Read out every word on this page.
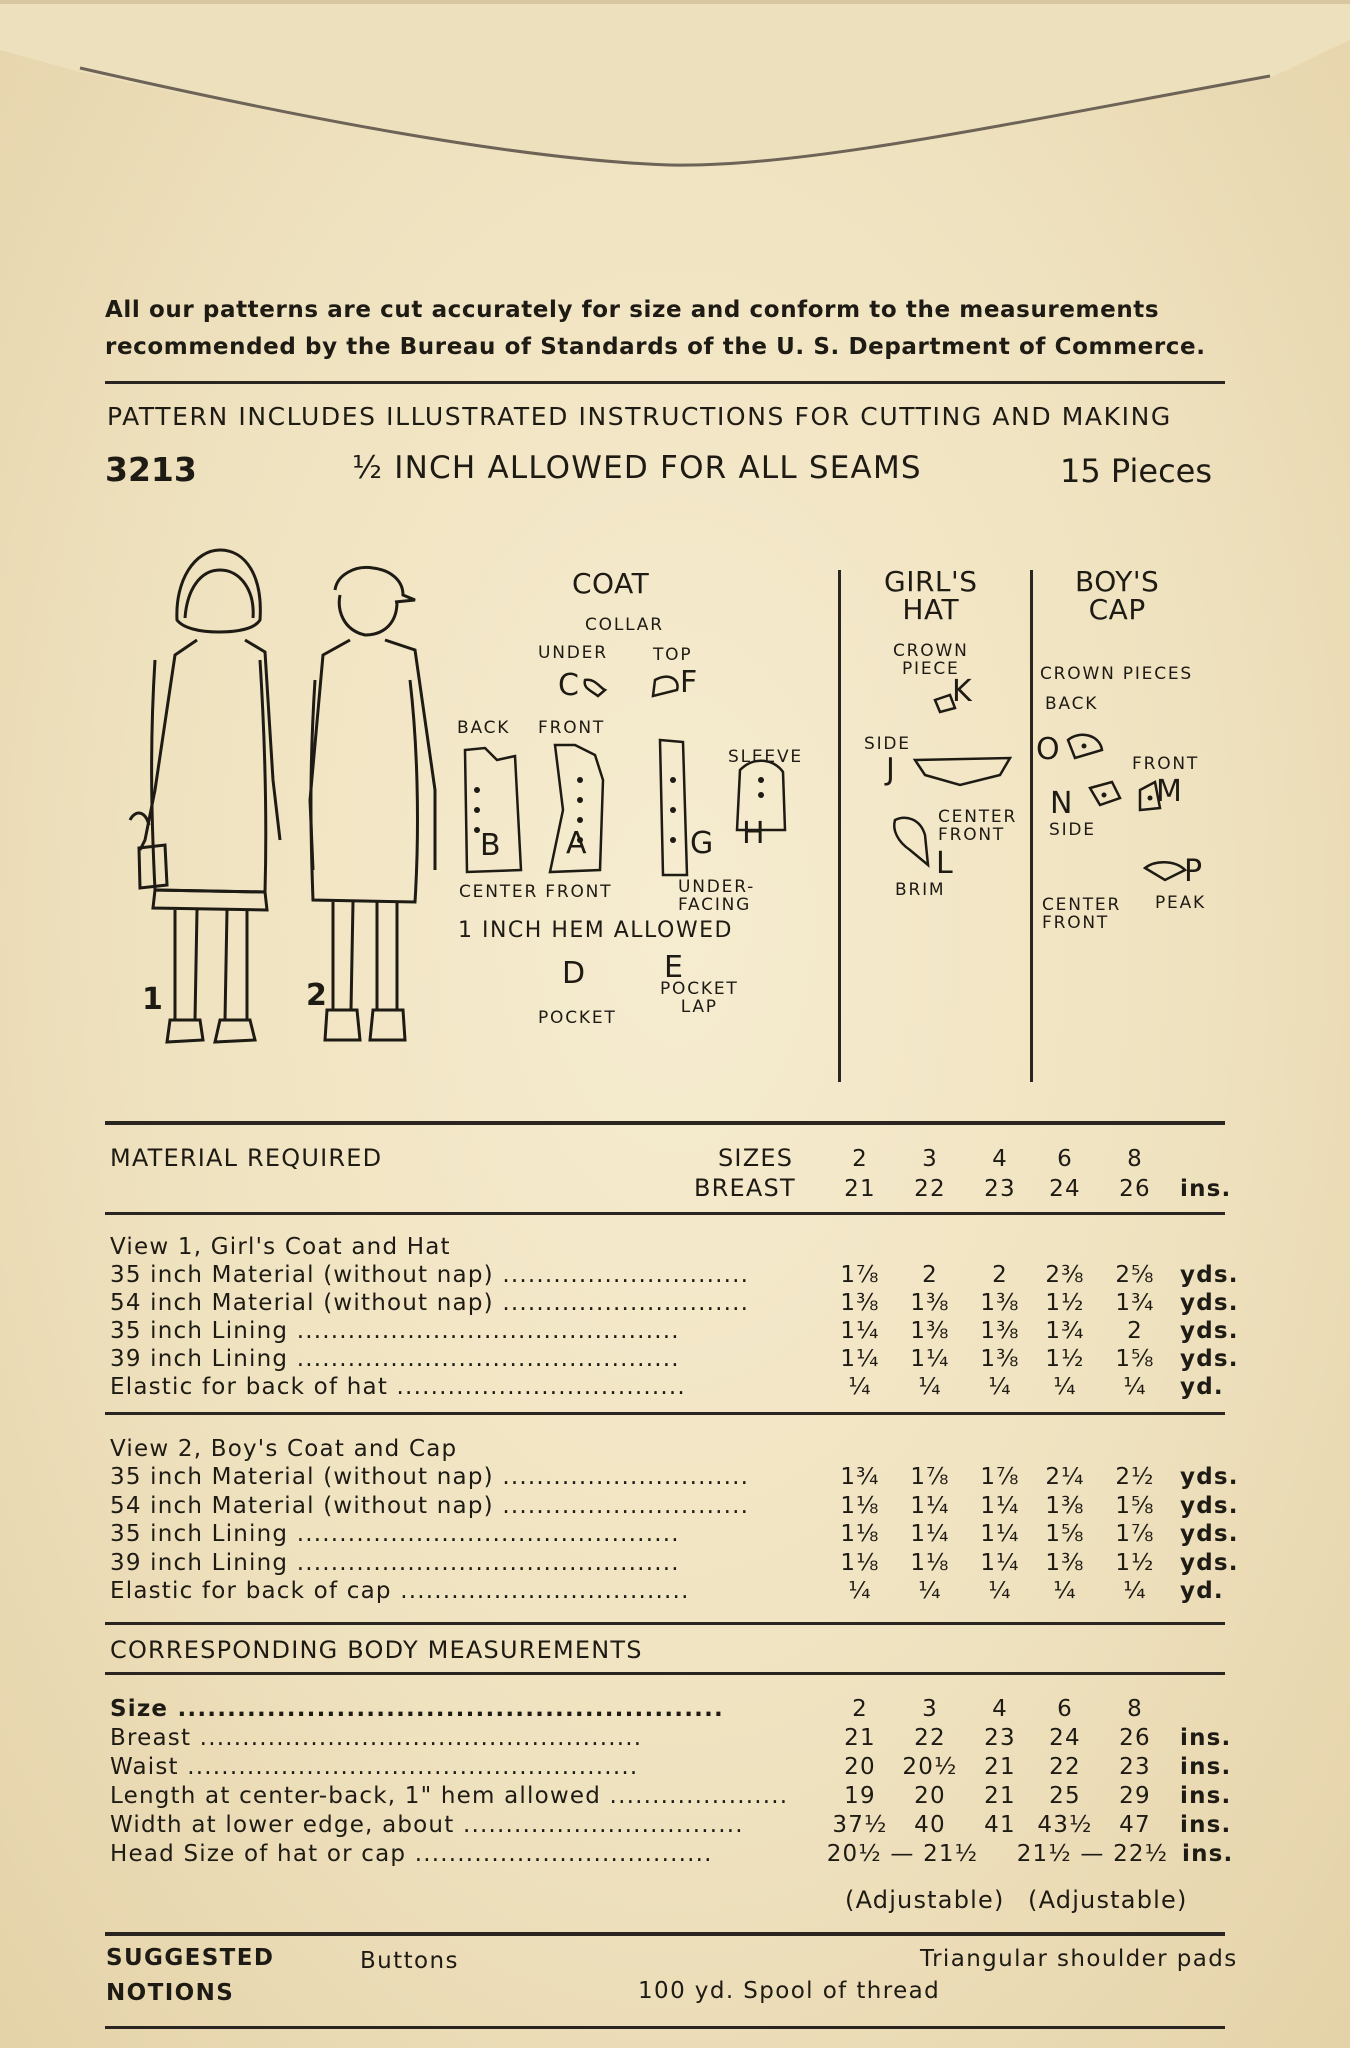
All our patterns are cut accurately for size and conform to the measurements
recommended by the Bureau of Standards of the U. S. Department of Commerce.
PATTERN INCLUDES ILLUSTRATED INSTRUCTIONS FOR CUTTING AND MAKING
3213	½ INCH ALLOWED FOR ALL SEAMS	15 Pieces
1	2
COAT
COLLAR
UNDER	TOP
C	F
BACK FRONT
SLEEVE
B A	G H
CENTER FRONT	UNDER-
FACING
1 INCH HEM ALLOWED
D	E
POCKET
POCKET
LAP
GIRL'S
HAT
CROWN
PIECE
K
SIDE
J
CENTER
FRONT
L
BRIM
BOY'S
CAP
CROWN PIECES
BACK
O	FRONT
N	M
SIDE
P
CENTER
FRONT
PEAK
MATERIAL REQUIRED	SIZES
BREAST
2	3	4	6	8
21	22	23	24	26	ins.
View 1, Girl's Coat and Hat
35 inch Material (without nap) .............................	1⅞	2	2	2⅜	2⅝	yds.
54 inch Material (without nap) .............................	1⅜	1⅜	1⅜	1½	1¾	yds.
35 inch Lining .............................................	1¼	1⅜	1⅜	1¾	2	yds.
39 inch Lining .............................................	1¼	1¼	1⅜	1½	1⅝	yds.
Elastic for back of hat ..................................	¼	¼	¼	¼	¼	yd.
View 2, Boy's Coat and Cap
35 inch Material (without nap) .............................	1¾	1⅞	1⅞	2¼	2½	yds.
54 inch Material (without nap) .............................	1⅛	1¼	1¼	1⅜	1⅝	yds.
35 inch Lining .............................................	1⅛	1¼	1¼	1⅝	1⅞	yds.
39 inch Lining .............................................	1⅛	1⅛	1¼	1⅜	1½	yds.
Elastic for back of cap ..................................	¼	¼	¼	¼	¼	yd.
CORRESPONDING BODY MEASUREMENTS
Size .......................................................	2	3	4	6	8
Breast ....................................................	21	22	23	24	26	ins.
Waist .....................................................	20	20½	21	22	23	ins.
Length at center-back, 1" hem allowed .....................	19	20	21	25	29	ins.
Width at lower edge, about .................................	37½	40	41 43½	47	ins.
Head Size of hat or cap ...................................	20½ — 21½	21½ — 22½ ins.
(Adjustable) (Adjustable)
SUGGESTED
NOTIONS
Buttons	Triangular shoulder pads
100 yd. Spool of thread
